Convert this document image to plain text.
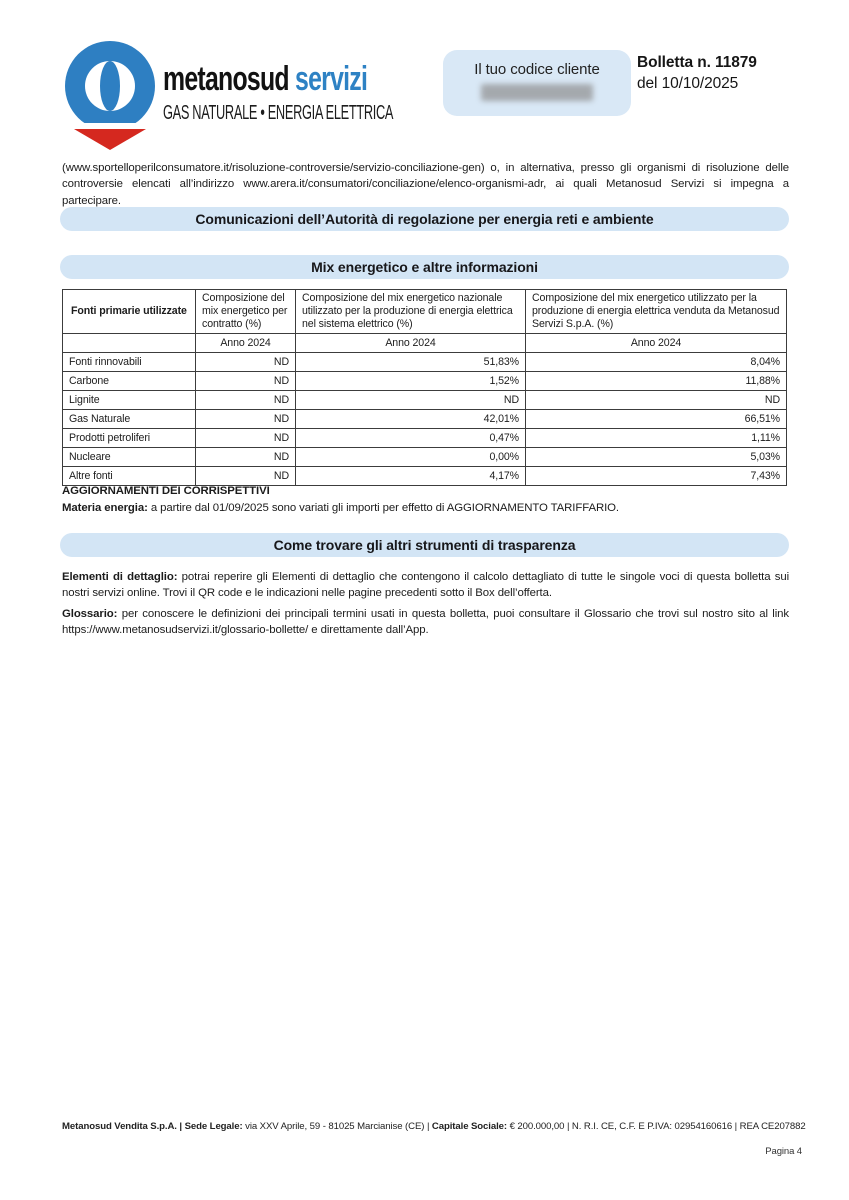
metanosud servizi
GAS NATURALE • ENERGIA ELETTRICA
Il tuo codice cliente	Bolletta n. 11879
del 10/10/2025

(www.sportelloperilconsumatore.it/risoluzione-controversie/servizio-conciliazione-gen) o, in alternativa, presso gli organismi di risoluzione delle controversie elencati all’indirizzo www.arera.it/consumatori/conciliazione/elenco-organismi-adr, ai quali Metanosud Servizi si impegna a partecipare.

Comunicazioni dell’Autorità di regolazione per energia reti e ambiente
Mix energetico e altre informazioni
Fonti primarie utilizzate	Composizione del mix energetico per contratto (%)	Composizione del mix energetico nazionale utilizzato per la produzione di energia elettrica nel sistema elettrico (%)	Composizione del mix energetico utilizzato per la produzione di energia elettrica venduta da Metanosud Servizi S.p.A. (%)
	Anno 2024	Anno 2024	Anno 2024
Fonti rinnovabili	ND	51,83%	8,04%
Carbone	ND	1,52%	11,88%
Lignite	ND	ND	ND
Gas Naturale	ND	42,01%	66,51%
Prodotti petroliferi	ND	0,47%	1,11%
Nucleare	ND	0,00%	5,03%
Altre fonti	ND	4,17%	7,43%
AGGIORNAMENTI DEI CORRISPETTIVI

Materia energia: a partire dal 01/09/2025 sono variati gli importi per effetto di AGGIORNAMENTO TARIFFARIO.

Come trovare gli altri strumenti di trasparenza

Elementi di dettaglio: potrai reperire gli Elementi di dettaglio che contengono il calcolo dettagliato di tutte le singole voci di questa bolletta sui nostri servizi online. Trovi il QR code e le indicazioni nelle pagine precedenti sotto il Box dell’offerta.

Glossario: per conoscere le definizioni dei principali termini usati in questa bolletta, puoi consultare il Glossario che trovi sul nostro sito al link https://www.metanosudservizi.it/glossario-bollette/ e direttamente dall’App.

Metanosud Vendita S.p.A. | Sede Legale: via XXV Aprile, 59 - 81025 Marcianise (CE) | Capitale Sociale: € 200.000,00 | N. R.I. CE, C.F. E P.IVA: 02954160616 | REA CE207882
Pagina 4
